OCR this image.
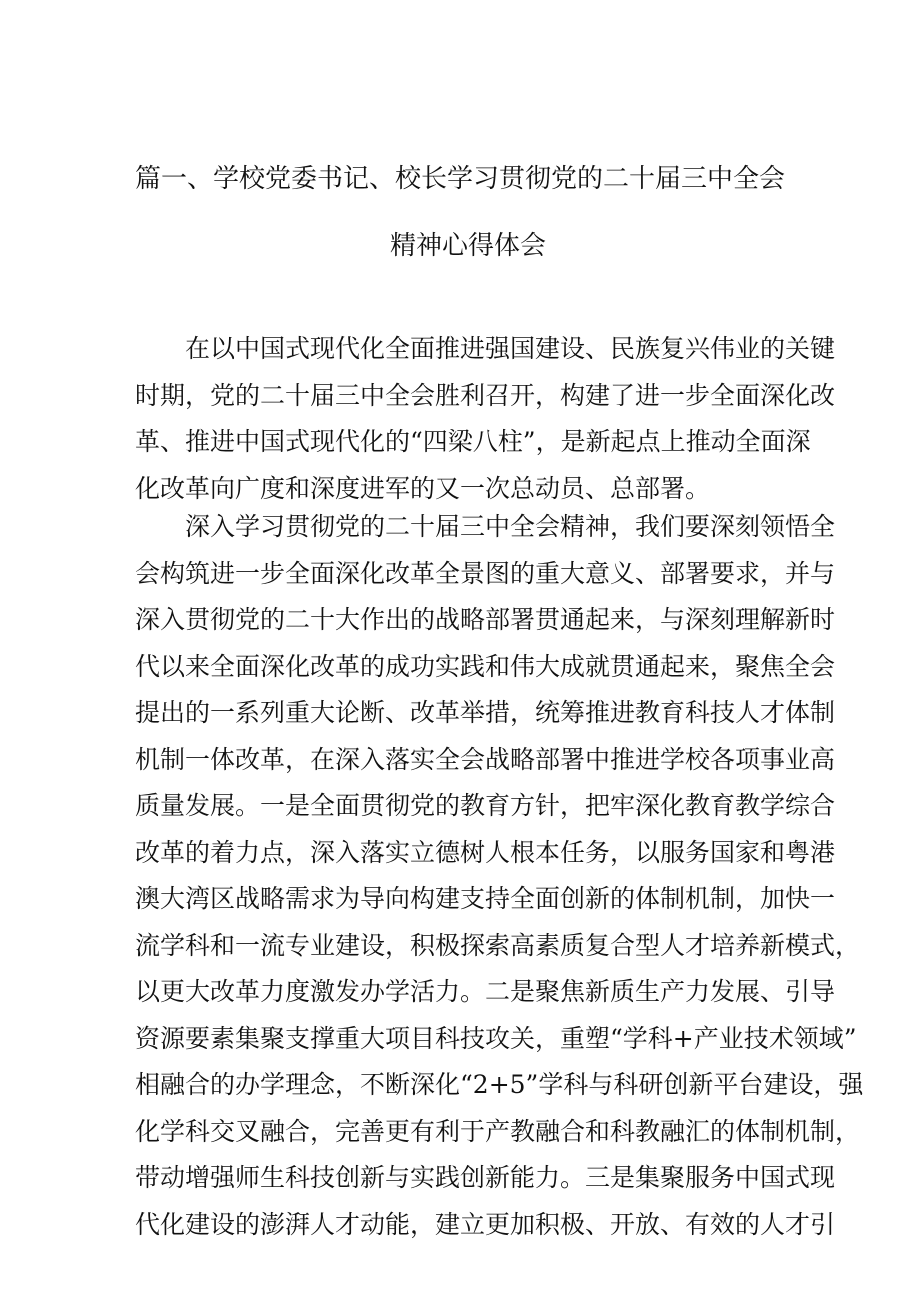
篇一、学校党委书记、校长学习贯彻党的二十届三中全会
精神心得体会
在以中国式现代化全面推进强国建设、民族复兴伟业的关键
时期，党的二十届三中全会胜利召开，构建了进一步全面深化改
革、推进中国式现代化的“四梁八柱”，是新起点上推动全面深
化改革向广度和深度进军的又一次总动员、总部署。
深入学习贯彻党的二十届三中全会精神，我们要深刻领悟全
会构筑进一步全面深化改革全景图的重大意义、部署要求，并与
深入贯彻党的二十大作出的战略部署贯通起来，与深刻理解新时
代以来全面深化改革的成功实践和伟大成就贯通起来，聚焦全会
提出的一系列重大论断、改革举措，统筹推进教育科技人才体制
机制一体改革，在深入落实全会战略部署中推进学校各项事业高
质量发展。一是全面贯彻党的教育方针，把牢深化教育教学综合
改革的着力点，深入落实立德树人根本任务，以服务国家和粤港
澳大湾区战略需求为导向构建支持全面创新的体制机制，加快一
流学科和一流专业建设，积极探索高素质复合型人才培养新模式，
以更大改革力度激发办学活力。二是聚焦新质生产力发展、引导
资源要素集聚支撑重大项目科技攻关，重塑“学科+产业技术领域”
相融合的办学理念，不断深化“2+5”学科与科研创新平台建设，强
化学科交叉融合，完善更有利于产教融合和科教融汇的体制机制，
带动增强师生科技创新与实践创新能力。三是集聚服务中国式现
代化建设的澎湃人才动能，建立更加积极、开放、有效的人才引
